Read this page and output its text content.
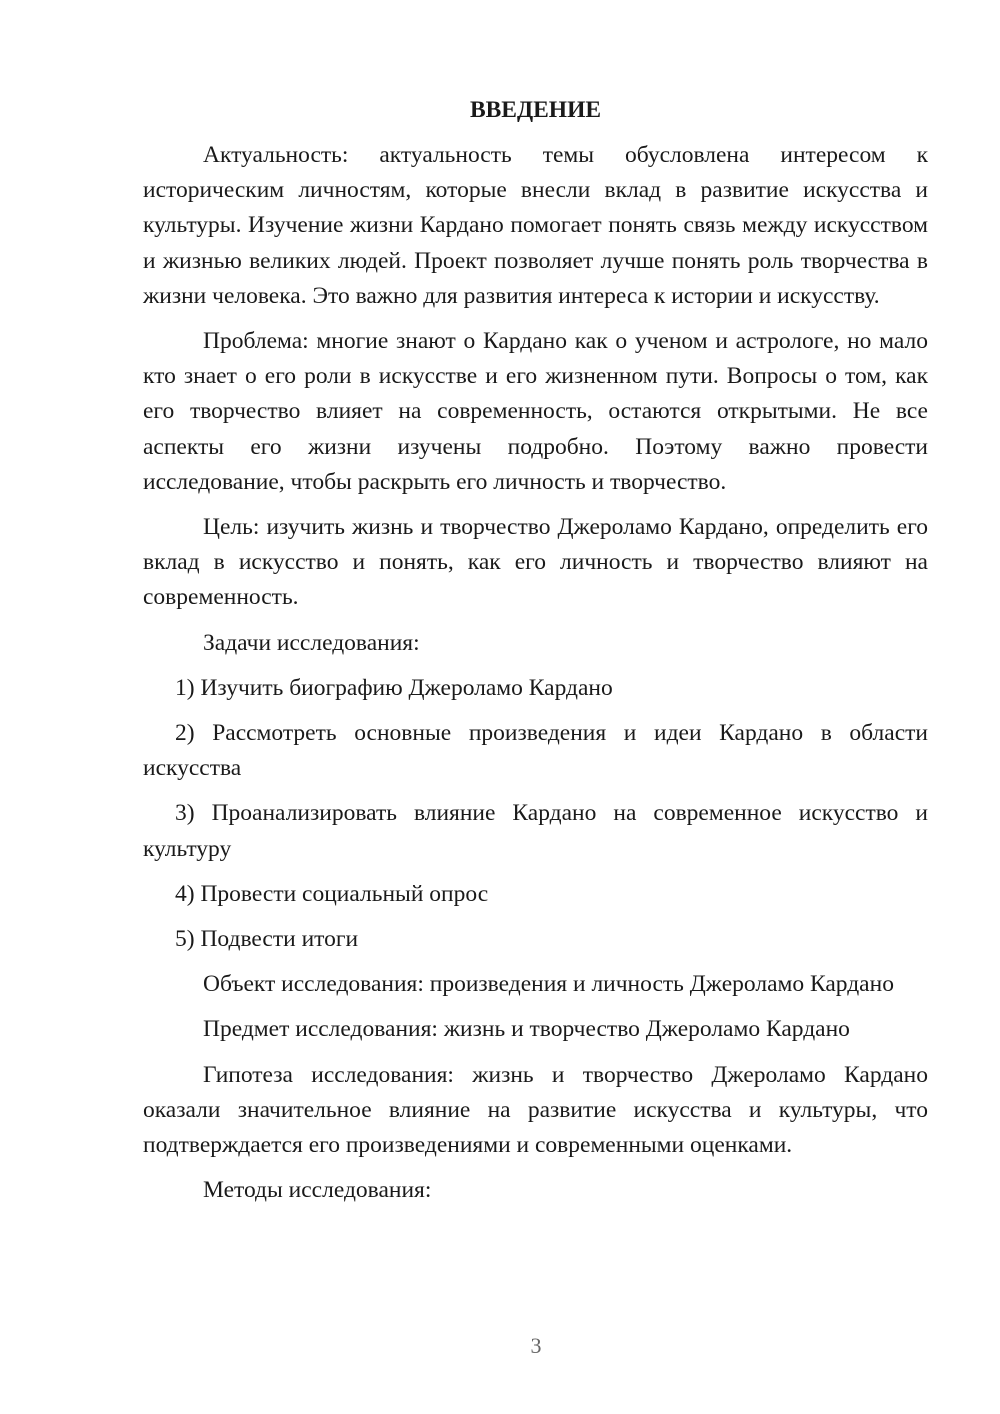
ВВЕДЕНИЕ

Актуальность: актуальность темы обусловлена интересом к историческим личностям, которые внесли вклад в развитие искусства и культуры. Изучение жизни Кардано помогает понять связь между искусством и жизнью великих людей. Проект позволяет лучше понять роль творчества в жизни человека. Это важно для развития интереса к истории и искусству.

Проблема: многие знают о Кардано как о ученом и астрологе, но мало кто знает о его роли в искусстве и его жизненном пути. Вопросы о том, как его творчество влияет на современность, остаются открытыми. Не все аспекты его жизни изучены подробно. Поэтому важно провести исследование, чтобы раскрыть его личность и творчество.

Цель: изучить жизнь и творчество Джероламо Кардано, определить его вклад в искусство и понять, как его личность и творчество влияют на современность.

Задачи исследования:

1) Изучить биографию Джероламо Кардано

2) Рассмотреть основные произведения и идеи Кардано в области искусства

3) Проанализировать влияние Кардано на современное искусство и культуру

4) Провести социальный опрос

5) Подвести итоги

Объект исследования: произведения и личность Джероламо Кардано

Предмет исследования: жизнь и творчество Джероламо Кардано

Гипотеза исследования: жизнь и творчество Джероламо Кардано оказали значительное влияние на развитие искусства и культуры, что подтверждается его произведениями и современными оценками.

Методы исследования:

3
